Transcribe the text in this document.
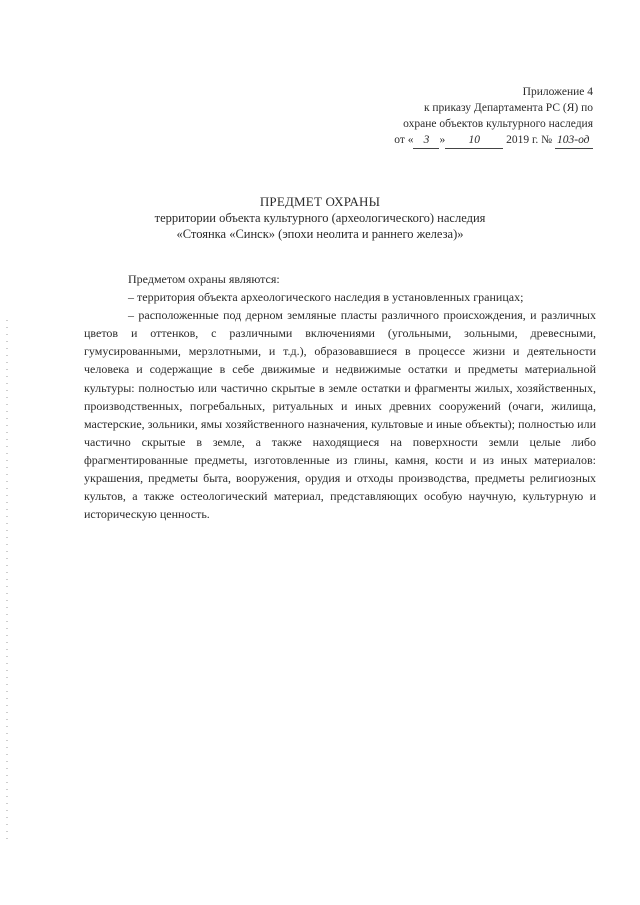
Приложение 4
к приказу Департамента РС (Я) по
охране объектов культурного наследия
от « 3 » 10 2019 г. № 103-од
ПРЕДМЕТ ОХРАНЫ
территории объекта культурного (археологического) наследия
«Стоянка «Синск» (эпохи неолита и раннего железа)»

Предметом охраны являются:

– территория объекта археологического наследия в установленных границах;

– расположенные под дерном земляные пласты различного происхождения, и различных цветов и оттенков, с различными включениями (угольными, зольными, древесными, гумусированными, мерзлотными, и т.д.), образовавшиеся в процессе жизни и деятельности человека и содержащие в себе движимые и недвижимые остатки и предметы материальной культуры: полностью или частично скрытые в земле остатки и фрагменты жилых, хозяйственных, производственных, погребальных, ритуальных и иных древних сооружений (очаги, жилища, мастерские, зольники, ямы хозяйственного назначения, культовые и иные объекты); полностью или частично скрытые в земле, а также находящиеся на поверхности земли целые либо фрагментированные предметы, изготовленные из глины, камня, кости и из иных материалов: украшения, предметы быта, вооружения, орудия и отходы производства, предметы религиозных культов, а также остеологический материал, представляющих особую научную, культурную и историческую ценность.
